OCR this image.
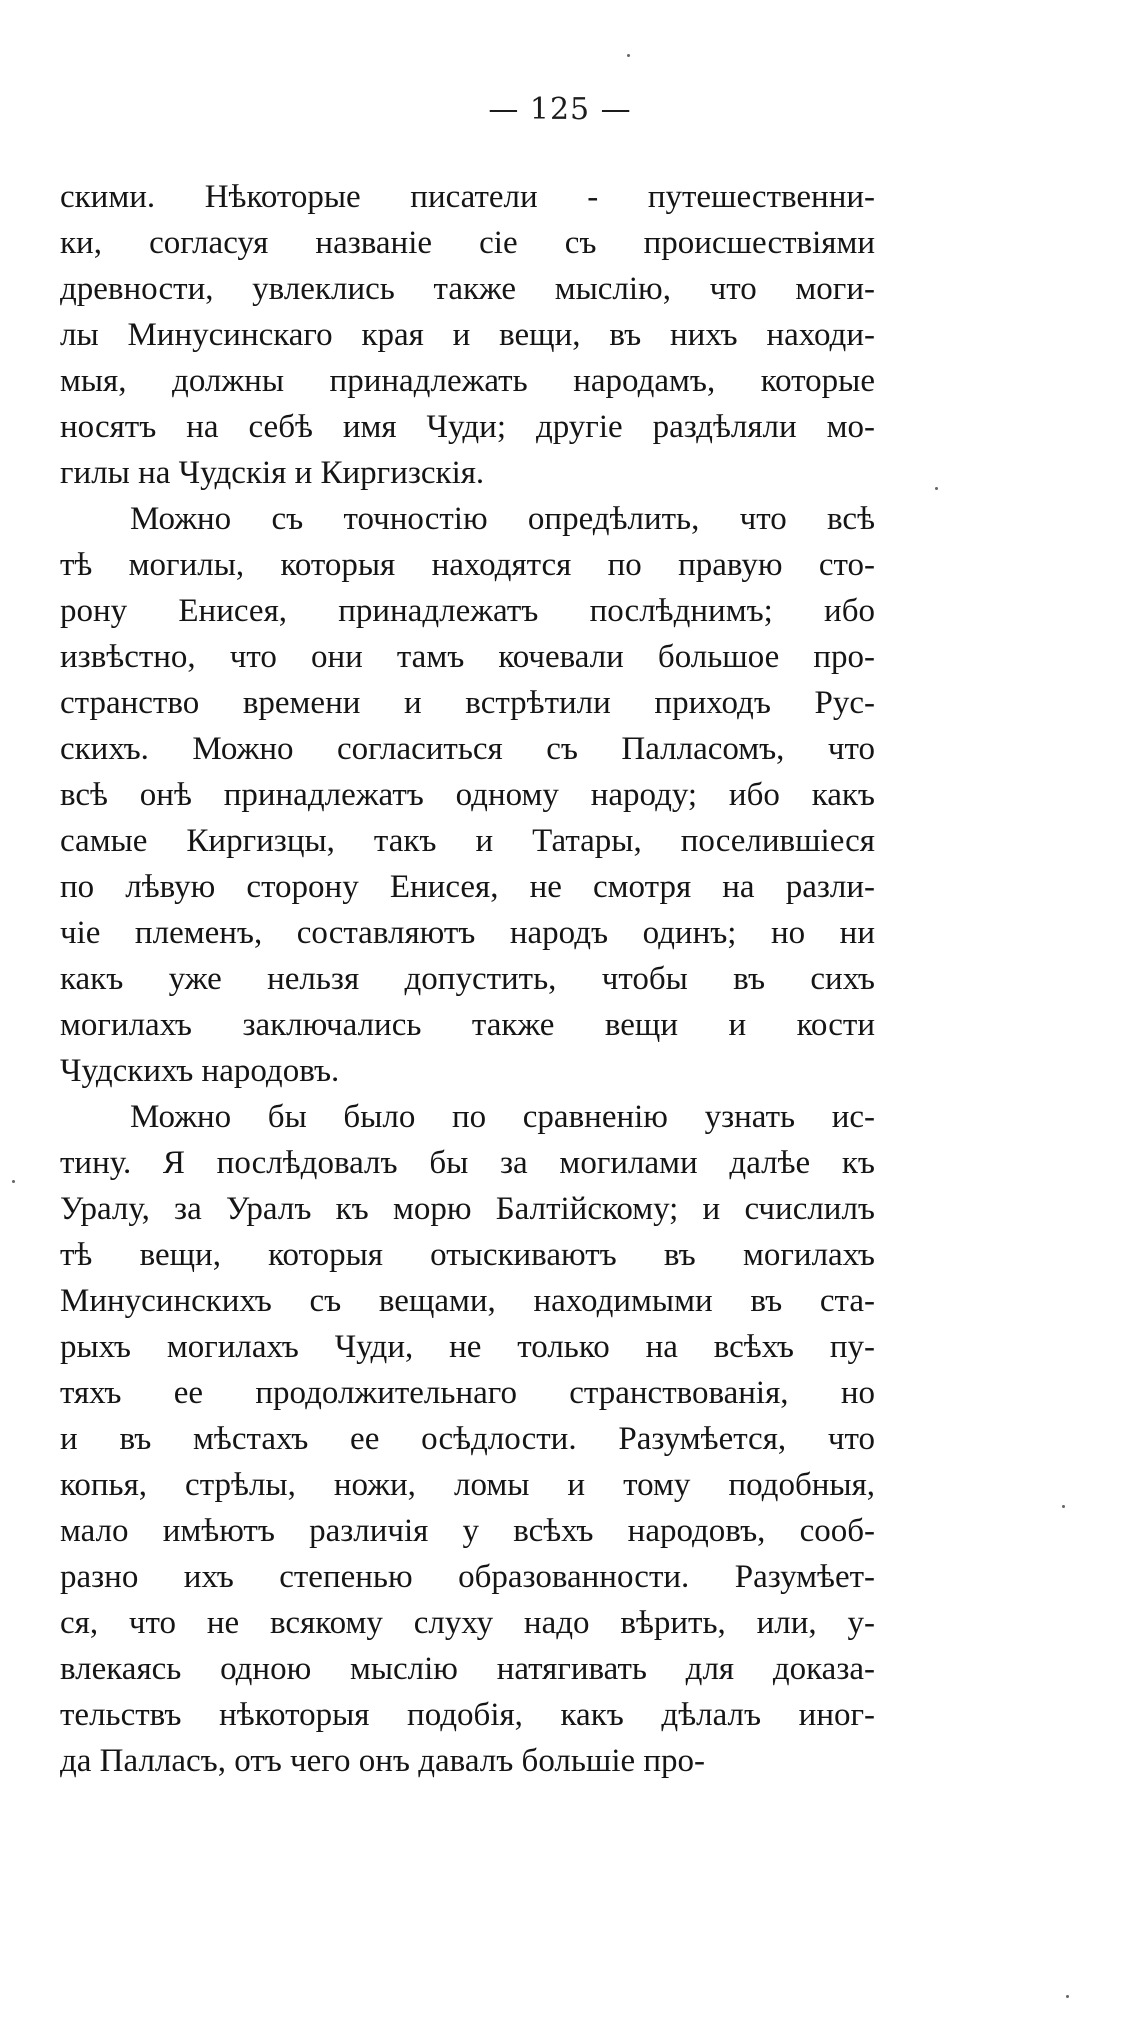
— 125 —
скими. Нѣкоторые писатели - путешественни-
ки, согласуя названіе сіе съ происшествіями
древности, увлеклись также мыслію, что моги-
лы Минусинскаго края и вещи, въ нихъ находи-
мыя, должны принадлежать народамъ, которые
носятъ на себѣ имя Чуди; другіе раздѣляли мо-
гилы на Чудскія и Киргизскія.
Можно съ точностію опредѣлить, что всѣ
тѣ могилы, которыя находятся по правую сто-
рону Енисея, принадлежатъ послѣднимъ; ибо
извѣстно, что они тамъ кочевали большое про-
странство времени и встрѣтили приходъ Рус-
скихъ. Можно согласиться съ Палласомъ, что
всѣ онѣ принадлежатъ одному народу; ибо какъ
самые Киргизцы, такъ и Татары, поселившіеся
по лѣвую сторону Енисея, не смотря на разли-
чіе племенъ, составляютъ народъ одинъ; но ни
какъ уже нельзя допустить, чтобы въ сихъ
могилахъ заключались также вещи и кости
Чудскихъ народовъ.
Можно бы было по сравненію узнать ис-
тину. Я послѣдовалъ бы за могилами далѣе къ
Уралу, за Уралъ къ морю Балтійскому; и счислилъ
тѣ вещи, которыя отыскиваютъ въ могилахъ
Минусинскихъ съ вещами, находимыми въ ста-
рыхъ могилахъ Чуди, не только на всѣхъ пу-
тяхъ ее продолжительнаго странствованія, но
и въ мѣстахъ ее осѣдлости. Разумѣется, что
копья, стрѣлы, ножи, ломы и тому подобныя,
мало имѣютъ различія у всѣхъ народовъ, сооб-
разно ихъ степенью образованности. Разумѣет-
ся, что не всякому слуху надо вѣрить, или, у-
влекаясь одною мыслію натягивать для доказа-
тельствъ нѣкоторыя подобія, какъ дѣлалъ иног-
да Палласъ, отъ чего онъ давалъ большіе про-
